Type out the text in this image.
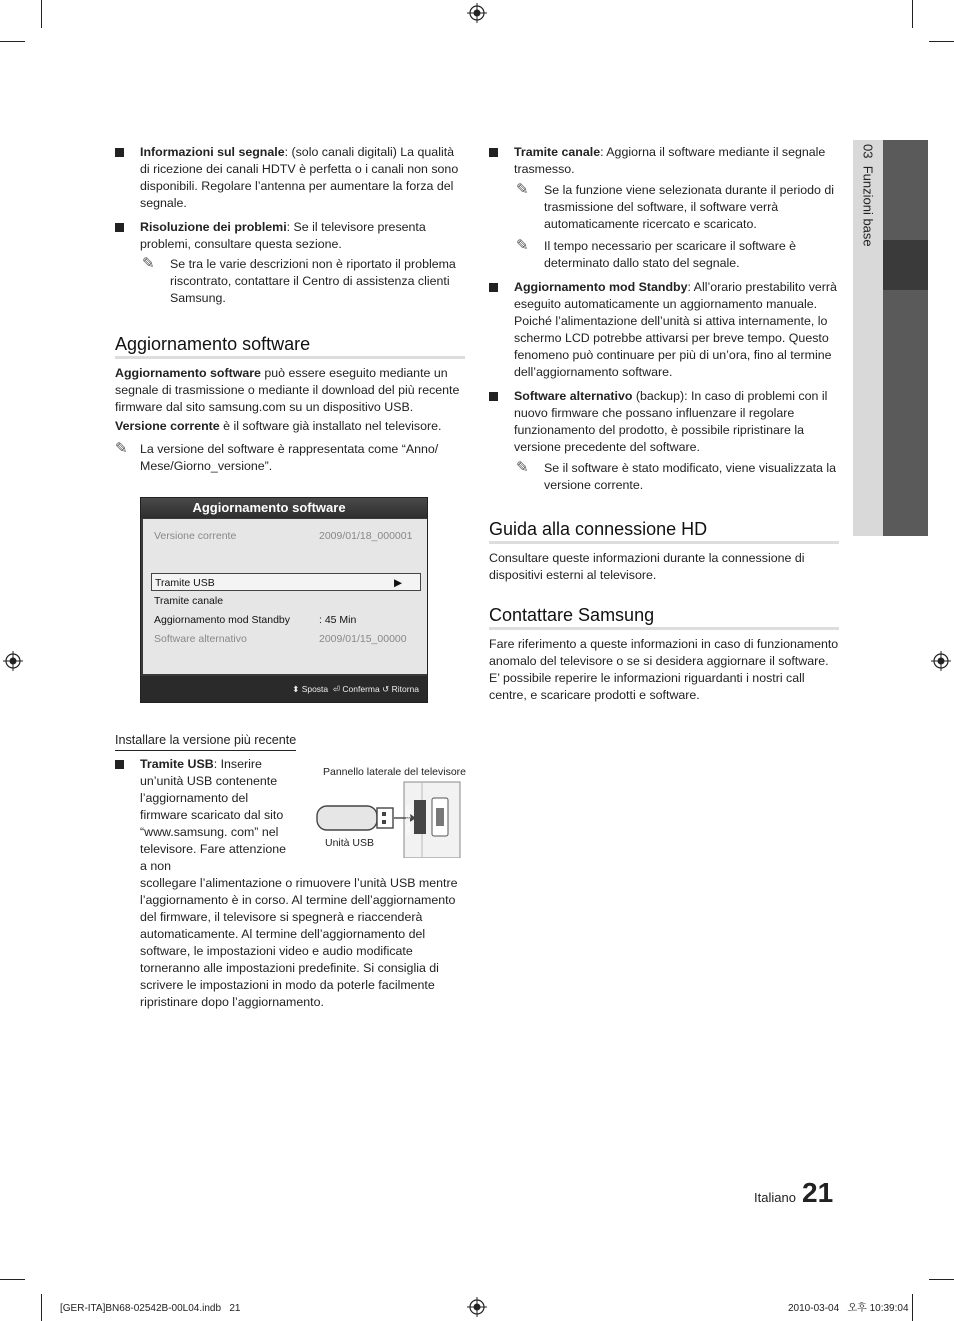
03  Funzioni base
Informazioni sul segnale: (solo canali digitali) La qualità di ricezione dei canali HDTV è perfetta o i canali non sono disponibili. Regolare l’antenna per aumentare la forza del segnale.
Risoluzione dei problemi: Se il televisore presenta problemi, consultare questa sezione.
✎ Se tra le varie descrizioni non è riportato il problema riscontrato, contattare il Centro di assistenza clienti Samsung.
Aggiornamento software

Aggiornamento software può essere eseguito mediante un segnale di trasmissione o mediante il download del più recente firmware dal sito samsung.com su un dispositivo USB.

Versione corrente è il software già installato nel televisore.

✎ La versione del software è rappresentata come “Anno/ Mese/Giorno_versione”.
Aggiornamento software
Versione corrente	2009/01/18_000001
Tramite USB	▶
Tramite canale
Aggiornamento mod Standby	: 45 Min
Software alternativo	2009/01/15_00000
⬍ Sposta ⏎ Conferma ↺ Ritorna
Installare la versione più recente
Tramite USB: Inserire un’unità USB contenente l’aggiornamento del firmware scaricato dal sito “www.samsung. com” nel televisore. Fare attenzione a non
scollegare l’alimentazione o rimuovere l’unità USB mentre l’aggiornamento è in corso. Al termine dell’aggiornamento del firmware, il televisore si spegnerà e riaccenderà automaticamente. Al termine dell’aggiornamento del software, le impostazioni video e audio modificate torneranno alle impostazioni predefinite. Si consiglia di scrivere le impostazioni in modo da poterle facilmente ripristinare dopo l’aggiornamento.
Pannello laterale del televisore
Unità USB
USB HDD
Tramite canale: Aggiorna il software mediante il segnale trasmesso.
✎ Se la funzione viene selezionata durante il periodo di trasmissione del software, il software verrà automaticamente ricercato e scaricato.
✎ Il tempo necessario per scaricare il software è determinato dallo stato del segnale.
Aggiornamento mod Standby: All’orario prestabilito verrà eseguito automaticamente un aggiornamento manuale. Poiché l’alimentazione dell’unità si attiva internamente, lo schermo LCD potrebbe attivarsi per breve tempo. Questo fenomeno può continuare per più di un’ora, fino al termine dell’aggiornamento software.
Software alternativo (backup): In caso di problemi con il nuovo firmware che possano influenzare il regolare funzionamento del prodotto, è possibile ripristinare la versione precedente del software.
✎ Se il software è stato modificato, viene visualizzata la versione corrente.
Guida alla connessione HD

Consultare queste informazioni durante la connessione di dispositivi esterni al televisore.

Contattare Samsung

Fare riferimento a queste informazioni in caso di funzionamento anomalo del televisore o se si desidera aggiornare il software. E’ possibile reperire le informazioni riguardanti i nostri call centre, e scaricare prodotti e software.

Italiano 21
[GER-ITA]BN68-02542B-00L04.indb   21	2010-03-04   오후 10:39:04
